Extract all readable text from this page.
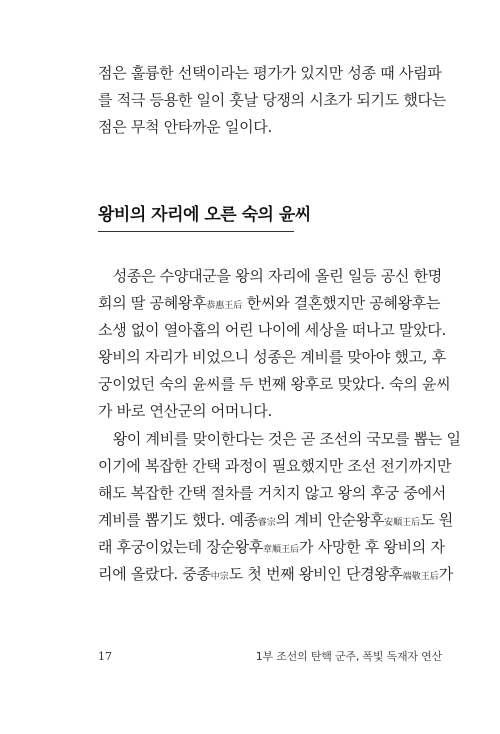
점은 훌륭한 선택이라는 평가가 있지만 성종 때 사림파
를 적극 등용한 일이 훗날 당쟁의 시초가 되기도 했다는
점은 무척 안타까운 일이다.
왕비의 자리에 오른 숙의 윤씨
 성종은 수양대군을 왕의 자리에 올린 일등 공신 한명
회의 딸 공혜왕후恭惠王后 한씨와 결혼했지만 공혜왕후는
소생 없이 열아홉의 어린 나이에 세상을 떠나고 말았다.
왕비의 자리가 비었으니 성종은 계비를 맞아야 했고, 후
궁이었던 숙의 윤씨를 두 번째 왕후로 맞았다. 숙의 윤씨
가 바로 연산군의 어머니다.
 왕이 계비를 맞이한다는 것은 곧 조선의 국모를 뽑는 일
이기에 복잡한 간택 과정이 필요했지만 조선 전기까지만
해도 복잡한 간택 절차를 거치지 않고 왕의 후궁 중에서
계비를 뽑기도 했다. 예종睿宗의 계비 안순왕후安順王后도 원
래 후궁이었는데 장순왕후章順王后가 사망한 후 왕비의 자
리에 올랐다. 중종中宗도 첫 번째 왕비인 단경왕후端敬王后가
17	1부 조선의 탄핵 군주, 폭빛 독재자 연산
